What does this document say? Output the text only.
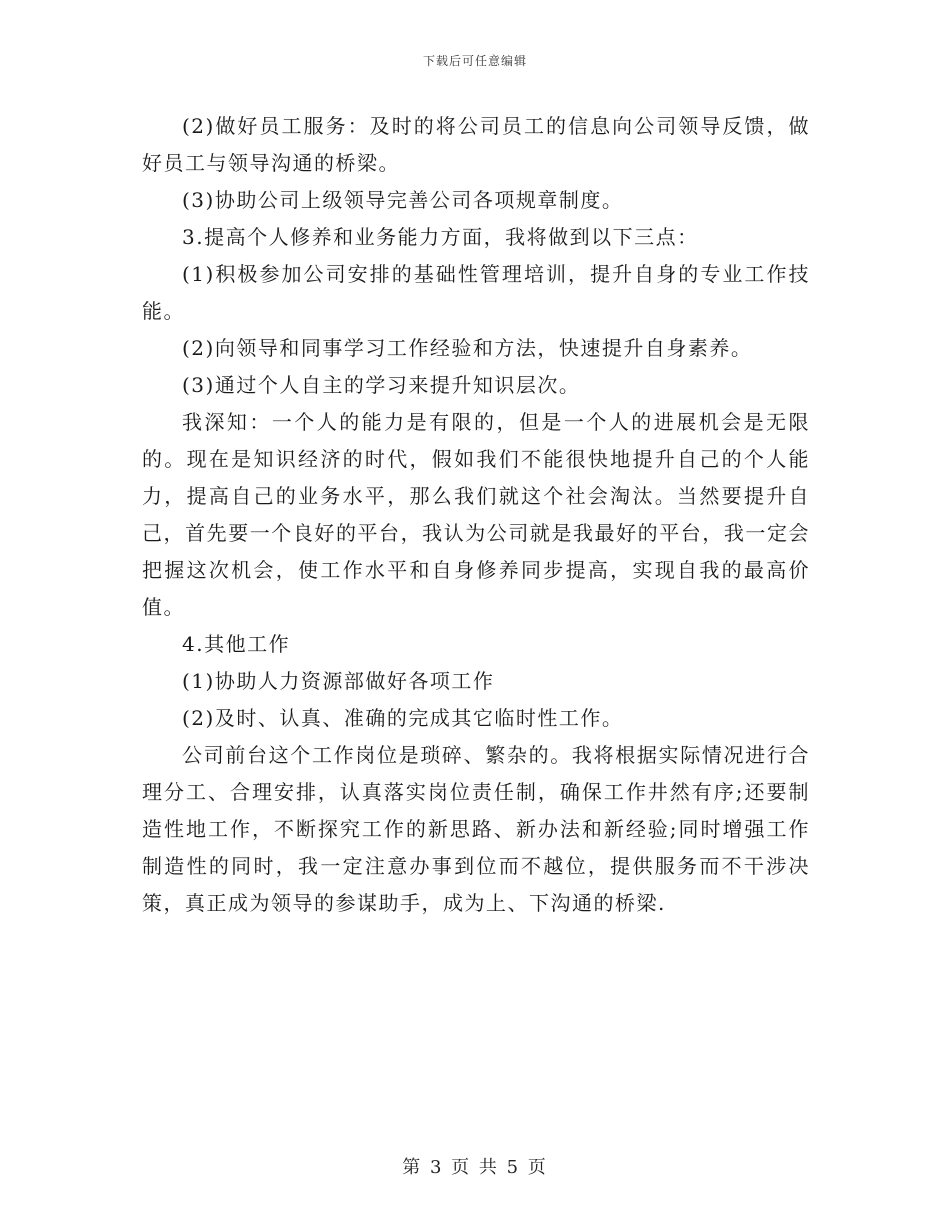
下载后可任意编辑

(2)做好员工服务：及时的将公司员工的信息向公司领导反馈，做好员工与领导沟通的桥梁。

(3)协助公司上级领导完善公司各项规章制度。

3.提高个人修养和业务能力方面，我将做到以下三点：

(1)积极参加公司安排的基础性管理培训，提升自身的专业工作技能。

(2)向领导和同事学习工作经验和方法，快速提升自身素养。

(3)通过个人自主的学习来提升知识层次。

我深知：一个人的能力是有限的，但是一个人的进展机会是无限的。现在是知识经济的时代，假如我们不能很快地提升自己的个人能力，提高自己的业务水平，那么我们就这个社会淘汰。当然要提升自己，首先要一个良好的平台，我认为公司就是我最好的平台，我一定会把握这次机会，使工作水平和自身修养同步提高，实现自我的最高价值。

4.其他工作

(1)协助人力资源部做好各项工作

(2)及时、认真、准确的完成其它临时性工作。

公司前台这个工作岗位是琐碎、繁杂的。我将根据实际情况进行合理分工、合理安排，认真落实岗位责任制，确保工作井然有序;还要制造性地工作，不断探究工作的新思路、新办法和新经验;同时增强工作制造性的同时，我一定注意办事到位而不越位，提供服务而不干涉决策，真正成为领导的参谋助手，成为上、下沟通的桥梁.

第 3 页 共 5 页
